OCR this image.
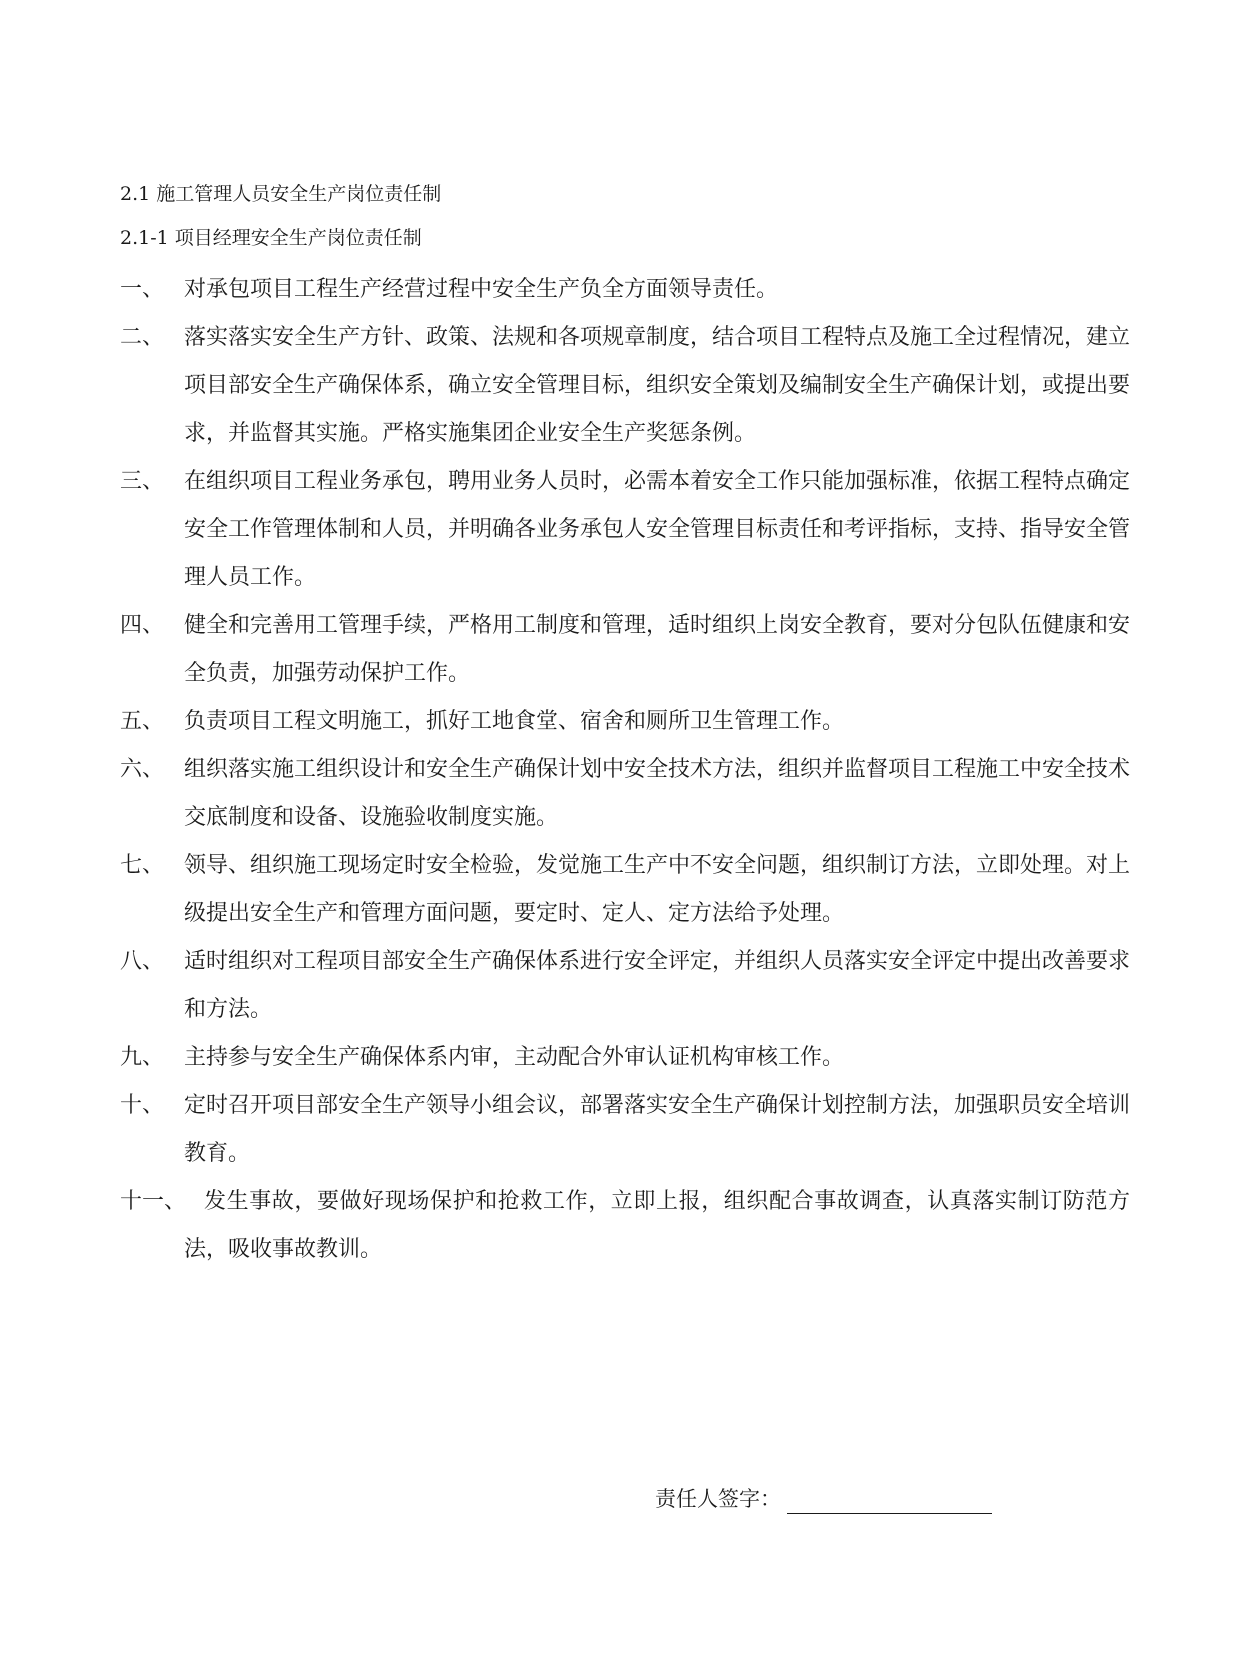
2.1 施工管理人员安全生产岗位责任制
2.1-1 项目经理安全生产岗位责任制
一、 对承包项目工程生产经营过程中安全生产负全方面领导责任。
二、 落实落实安全生产方针、政策、法规和各项规章制度，结合项目工程特点及施工全过程情况，建立项目部安全生产确保体系，确立安全管理目标，组织安全策划及编制安全生产确保计划，或提出要求，并监督其实施。严格实施集团企业安全生产奖惩条例。
三、 在组织项目工程业务承包，聘用业务人员时，必需本着安全工作只能加强标准，依据工程特点确定安全工作管理体制和人员，并明确各业务承包人安全管理目标责任和考评指标，支持、指导安全管理人员工作。
四、 健全和完善用工管理手续，严格用工制度和管理，适时组织上岗安全教育，要对分包队伍健康和安全负责，加强劳动保护工作。
五、 负责项目工程文明施工，抓好工地食堂、宿舍和厕所卫生管理工作。
六、 组织落实施工组织设计和安全生产确保计划中安全技术方法，组织并监督项目工程施工中安全技术交底制度和设备、设施验收制度实施。
七、 领导、组织施工现场定时安全检验，发觉施工生产中不安全问题，组织制订方法，立即处理。对上级提出安全生产和管理方面问题，要定时、定人、定方法给予处理。
八、 适时组织对工程项目部安全生产确保体系进行安全评定，并组织人员落实安全评定中提出改善要求和方法。
九、 主持参与安全生产确保体系内审，主动配合外审认证机构审核工作。
十、 定时召开项目部安全生产领导小组会议，部署落实安全生产确保计划控制方法，加强职员安全培训教育。
十一、 发生事故，要做好现场保护和抢救工作，立即上报，组织配合事故调查，认真落实制订防范方法，吸收事故教训。
责任人签字：
